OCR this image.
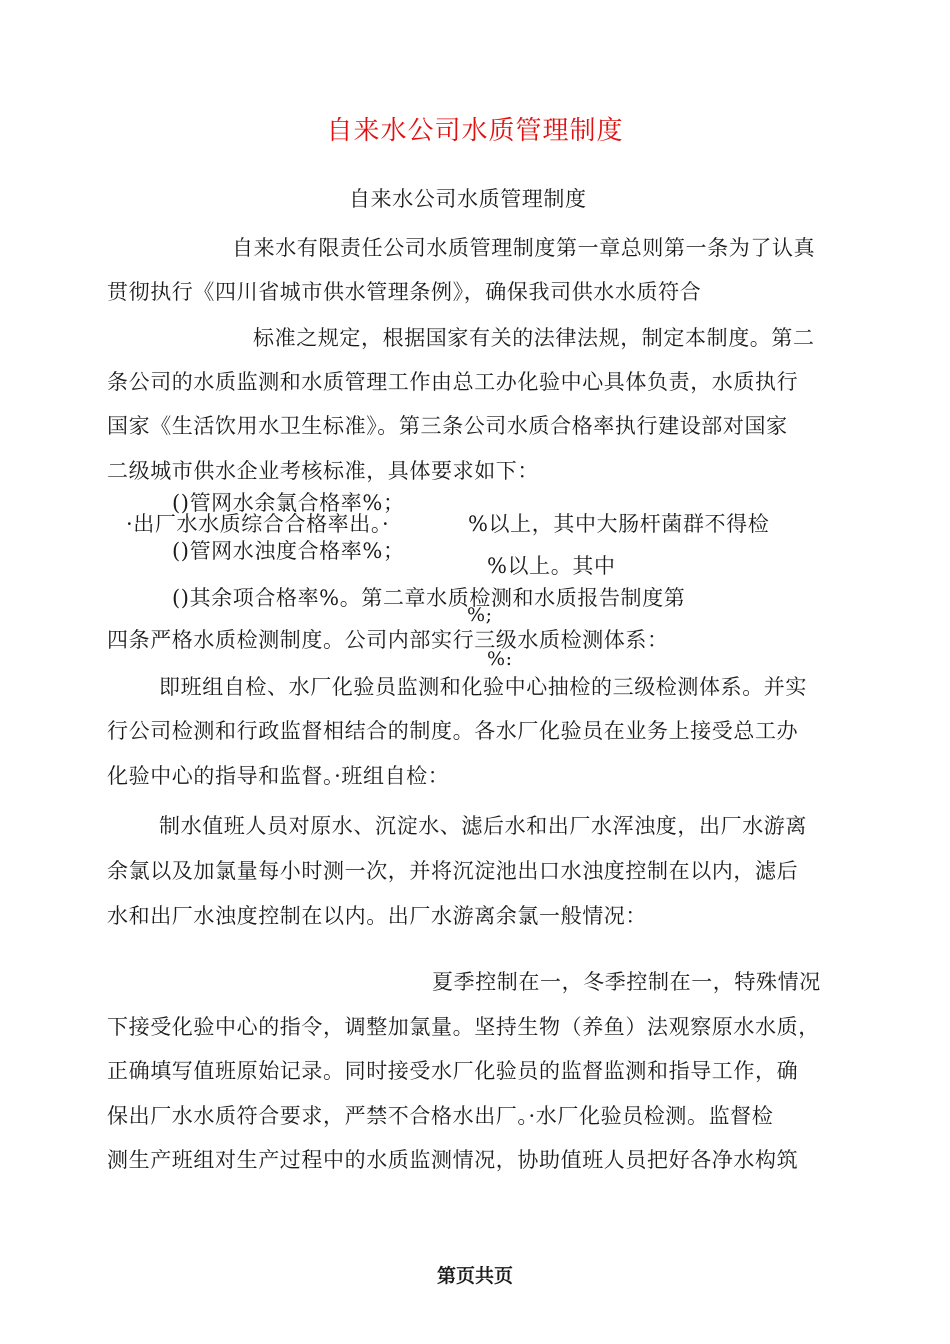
自来水公司水质管理制度
自来水公司水质管理制度
自来水有限责任公司水质管理制度第一章总则第一条为了认真
贯彻执行《四川省城市供水管理条例》，确保我司供水水质符合
标准之规定，根据国家有关的法律法规，制定本制度。第二
条公司的水质监测和水质管理工作由总工办化验中心具体负责，水质执行
国家《生活饮用水卫生标准》。第三条公司水质合格率执行建设部对国家
二级城市供水企业考核标准，具体要求如下：
()管网水余氯合格率%；
·出厂水水质综合合格率出。·	%以上，其中大肠杆菌群不得检
()管网水浊度合格率%；
%以上。其中
()其余项合格率%。第二章水质检测和水质报告制度第
%;
四条严格水质检测制度。公司内部实行三级水质检测体系：
%:
即班组自检、水厂化验员监测和化验中心抽检的三级检测体系。并实
行公司检测和行政监督相结合的制度。各水厂化验员在业务上接受总工办
化验中心的指导和监督。·班组自检：
制水值班人员对原水、沉淀水、滤后水和出厂水浑浊度，出厂水游离
余氯以及加氯量每小时测一次，并将沉淀池出口水浊度控制在以内，滤后
水和出厂水浊度控制在以内。出厂水游离余氯一般情况：
夏季控制在一，冬季控制在一，特殊情况
下接受化验中心的指令，调整加氯量。坚持生物（养鱼）法观察原水水质，
正确填写值班原始记录。同时接受水厂化验员的监督监测和指导工作，确
保出厂水水质符合要求，严禁不合格水出厂。·水厂化验员检测。监督检
测生产班组对生产过程中的水质监测情况，协助值班人员把好各净水构筑
第页共页
